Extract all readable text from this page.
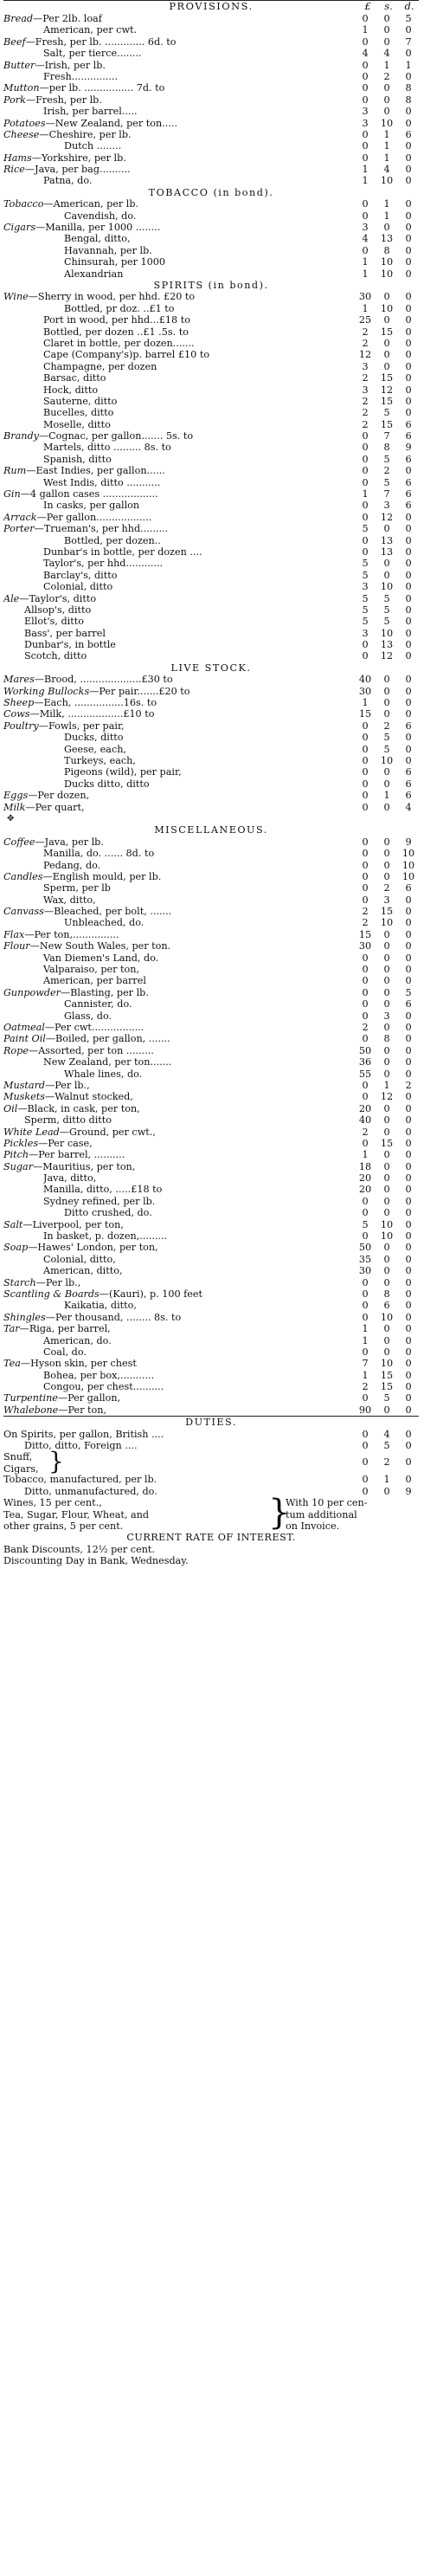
PROVISIONS.	£	s.	d.
Bread—Per 2lb. loaf	0	0	5
American, per cwt.	1	0	0
Beef—Fresh, per lb. ............. 6d. to	0	0	7
Salt, per tierce........	4	4	0
Butter—Irish, per lb.	0	1	1
Fresh...............	0	2	0
Mutton—per lb. ................ 7d. to	0	0	8
Pork—Fresh, per lb.	0	0	8
Irish, per barrel.....	3	0	0
Potatoes—New Zealand, per ton.....	3	10	0
Cheese—Cheshire, per lb.	0	1	6
Dutch ........	0	1	0
Hams—Yorkshire, per lb.	0	1	0
Rice—Java, per bag..........	1	4	0
Patna, do.	1	10	0
TOBACCO (in bond).
Tobacco—American, per lb.	0	1	0
Cavendish, do.	0	1	0
Cigars—Manilla, per 1000 ........	3	0	0
Bengal, ditto,	4	13	0
Havannah, per lb.	0	8	0
Chinsurah, per 1000	1	10	0
Alexandrian	1	10	0
SPIRITS (in bond).
Wine—Sherry in wood, per hhd. £20 to	30	0	0
Bottled, pr doz. ..£1 to	1	10	0
Port in wood, per hhd...£18 to	25	0	0
Bottled, per dozen ..£1 .5s. to	2	15	0
Claret in bottle, per dozen.......	2	0	0
Cape (Company's)p. barrel £10 to	12	0	0
Champagne, per dozen	3	0	0
Barsac, ditto	2	15	0
Hock, ditto	3	12	0
Sauterne, ditto	2	15	0
Bucelles, ditto	2	5	0
Moselle, ditto	2	15	6
Brandy—Cognac, per gallon....... 5s. to	0	7	6
Martels, ditto ......... 8s. to	0	8	9
Spanish, ditto	0	5	6
Rum—East Indies, per gallon......	0	2	0
West Indis, ditto ...........	0	5	6
Gin—4 gallon cases ..................	1	7	6
In casks, per gallon	0	3	6
Arrack—Per gallon..................	0	12	0
Porter—Trueman's, per hhd.........	5	0	0
Bottled, per dozen..	0	13	0
Dunbar's in bottle, per dozen ....	0	13	0
Taylor's, per hhd............	5	0	0
Barclay's, ditto	5	0	0
Colonial, ditto	3	10	0
Ale—Taylor's, ditto	5	5	0
Allsop's, ditto	5	5	0
Ellot's, ditto	5	5	0
Bass', per barrel	3	10	0
Dunbar's, in bottle	0	13	0
Scotch, ditto	0	12	0
LIVE STOCK.
Mares—Brood, ....................£30 to	40	0	0
Working Bullocks—Per pair.......£20 to	30	0	0
Sheep—Each, ................16s. to	1	0	0
Cows—Milk, ..................£10 to	15	0	0
Poultry—Fowls, per pair,	0	2	6
Ducks, ditto	0	5	0
Geese, each,	0	5	0
Turkeys, each,	0	10	0
Pigeons (wild), per pair,	0	0	6
Ducks ditto, ditto	0	0	6
Eggs—Per dozen,	0	1	6
Milk—Per quart,	0	0	4
✥
MISCELLANEOUS.
Coffee—Java, per lb.	0	0	9
Manilla, do. ...... 8d. to	0	0	10
Pedang, do.	0	0	10
Candles—English mould, per lb.	0	0	10
Sperm, per lb	0	2	6
Wax, ditto,	0	3	0
Canvass—Bleached, per bolt, .......	2	15	0
Unbleached, do.	2	10	0
Flax—Per ton,...............	15	0	0
Flour—New South Wales, per ton.	30	0	0
Van Diemen's Land, do.	0	0	0
Valparaiso, per ton,	0	0	0
American, per barrel	0	0	0
Gunpowder—Blasting, per lb.	0	0	5
Cannister, do.	0	0	6
Glass, do.	0	3	0
Oatmeal—Per cwt.................	2	0	0
Paint Oil—Boiled, per gallon, .......	0	8	0
Rope—Assorted, per ton .........	50	0	0
New Zealand, per ton.......	36	0	0
Whale lines, do.	55	0	0
Mustard—Per lb.,	0	1	2
Muskets—Walnut stocked,	0	12	0
Oil—Black, in cask, per ton,	20	0	0
Sperm, ditto ditto	40	0	0
White Lead—Ground, per cwt.,	2	0	0
Pickles—Per case,	0	15	0
Pitch—Per barrel, ..........	1	0	0
Sugar—Mauritius, per ton,	18	0	0
Java, ditto,	20	0	0
Manilla, ditto, .....£18 to	20	0	0
Sydney refined, per lb.	0	0	0
Ditto crushed, do.	0	0	0
Salt—Liverpool, per ton,	5	10	0
In basket, p. dozen,.........	0	10	0
Soap—Hawes' London, per ton,	50	0	0
Colonial, ditto,	35	0	0
American, ditto,	30	0	0
Starch—Per lb.,	0	0	0
Scantling & Boards—(Kauri), p. 100 feet	0	8	0
Kaikatia, ditto,	0	6	0
Shingles—Per thousand, ........ 8s. to	0	10	0
Tar—Riga, per barrel,	1	0	0
American, do.	1	0	0
Coal, do.	0	0	0
Tea—Hyson skin, per chest	7	10	0
Bohea, per box,...........	1	15	0
Congou, per chest..........	2	15	0
Turpentine—Per gallon,	0	5	0
Whalebone—Per ton,	90	0	0
DUTIES.
On Spirits, per gallon, British ....	0	4	0
Ditto, ditto, Foreign ....	0	5	0
Snuff,
Cigars, }	0	2	0
Tobacco, manufactured, per lb.	0	1	0
Ditto, unmanufactured, do.	0	0	9
Wines, 15 per cent.,
Tea, Sugar, Flour, Wheat, and
other grains, 5 per cent.	}
With 10 per cen-
tum additional
on Invoice.
CURRENT RATE OF INTEREST.
Bank Discounts, 12½ per cent.
Discounting Day in Bank, Wednesday.
